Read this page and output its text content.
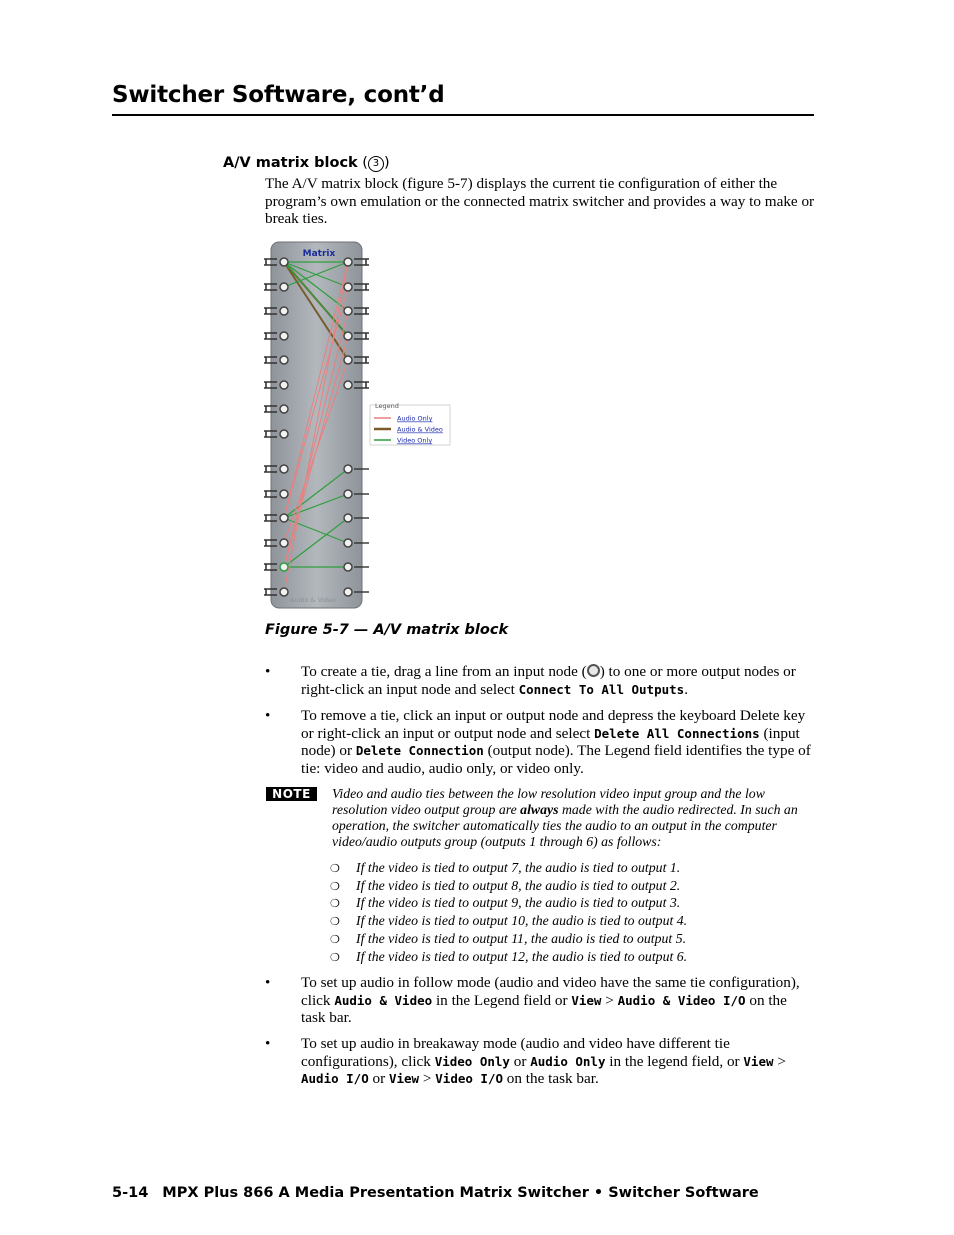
Switcher Software, cont’d
A/V matrix block ( 3 )
The A/V matrix block (figure 5-7) displays the current tie configuration of either the program’s own emulation or the connected matrix switcher and provides a way to make or break ties.
Matrix
Audio & Video
Legend
Audio Only
Audio & Video
Video Only
Figure 5-7 — A/V matrix block
• To create a tie, drag a line from an input node ( ) to one or more output nodes or right-click an input node and select Connect To All Outputs.
• To remove a tie, click an input or output node and depress the keyboard Delete key or right-click an input or output node and select Delete All Connections (input node) or Delete Connection (output node). The Legend field identifies the type of tie: video and audio, audio only, or video only.
NOTE	Video and audio ties between the low resolution video input group and the low resolution video output group are always made with the audio redirected. In such an operation, the switcher automatically ties the audio to an output in the computer video/audio outputs group (outputs 1 through 6) as follows:
❍ If the video is tied to output 7, the audio is tied to output 1.
❍ If the video is tied to output 8, the audio is tied to output 2.
❍ If the video is tied to output 9, the audio is tied to output 3.
❍ If the video is tied to output 10, the audio is tied to output 4.
❍ If the video is tied to output 11, the audio is tied to output 5.
❍ If the video is tied to output 12, the audio is tied to output 6.
• To set up audio in follow mode (audio and video have the same tie configuration), click Audio & Video in the Legend field or View > Audio & Video I/O on the task bar.
• To set up audio in breakaway mode (audio and video have different tie configurations), click Video Only or Audio Only in the legend field, or View > Audio I/O or View > Video I/O on the task bar.
5-14 MPX Plus 866 A Media Presentation Matrix Switcher • Switcher Software
